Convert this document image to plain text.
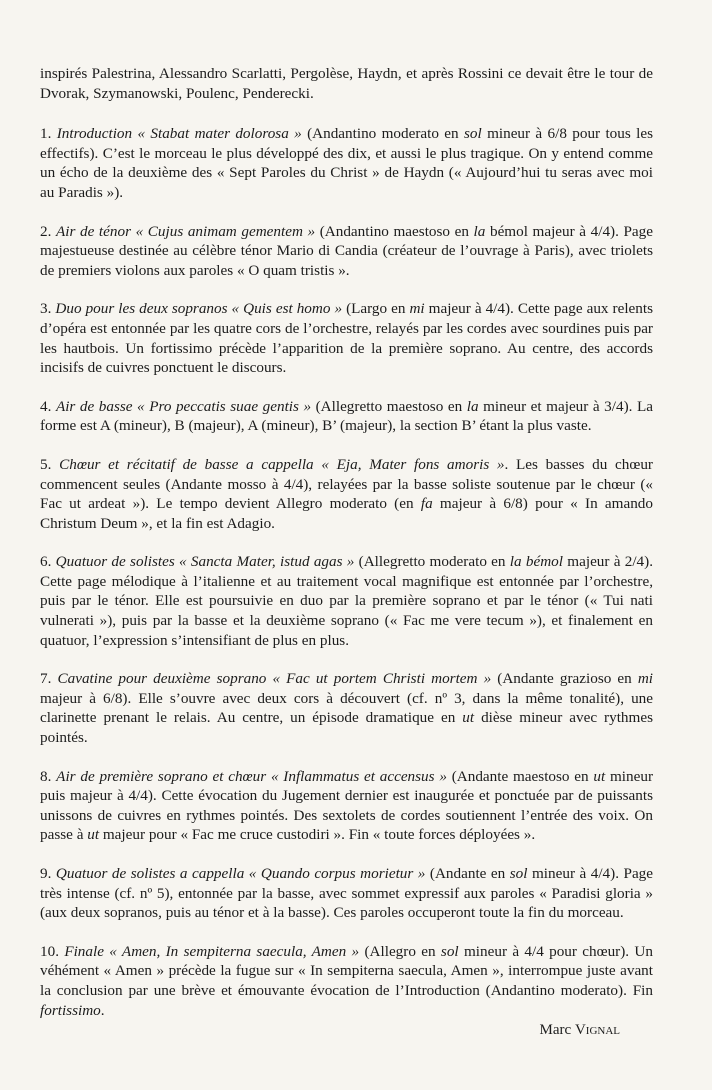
inspirés Palestrina, Alessandro Scarlatti, Pergolèse, Haydn, et après Rossini ce devait être le tour de Dvorak, Szymanowski, Poulenc, Penderecki.

1. Introduction « Stabat mater dolorosa » (Andantino moderato en sol mineur à 6/8 pour tous les effectifs). C’est le morceau le plus développé des dix, et aussi le plus tragique. On y entend comme un écho de la deuxième des « Sept Paroles du Christ » de Haydn (« Aujourd’hui tu seras avec moi au Paradis »).

2. Air de ténor « Cujus animam gementem » (Andantino maestoso en la bémol majeur à 4/4). Page majestueuse destinée au célèbre ténor Mario di Candia (créateur de l’ouvrage à Paris), avec triolets de premiers violons aux paroles « O quam tristis ».

3. Duo pour les deux sopranos « Quis est homo » (Largo en mi majeur à 4/4). Cette page aux relents d’opéra est entonnée par les quatre cors de l’orchestre, relayés par les cordes avec sourdines puis par les hautbois. Un fortissimo précède l’apparition de la première soprano. Au centre, des accords incisifs de cuivres ponctuent le discours.

4. Air de basse « Pro peccatis suae gentis » (Allegretto maestoso en la mineur et majeur à 3/4). La forme est A (mineur), B (majeur), A (mineur), B’ (majeur), la section B’ étant la plus vaste.

5. Chœur et récitatif de basse a cappella « Eja, Mater fons amoris ». Les basses du chœur commencent seules (Andante mosso à 4/4), relayées par la basse soliste soutenue par le chœur (« Fac ut ardeat »). Le tempo devient Allegro moderato (en fa majeur à 6/8) pour « In amando Christum Deum », et la fin est Adagio.

6. Quatuor de solistes « Sancta Mater, istud agas » (Allegretto moderato en la bémol majeur à 2/4). Cette page mélodique à l’italienne et au traitement vocal magnifique est entonnée par l’orchestre, puis par le ténor. Elle est poursuivie en duo par la première soprano et par le ténor (« Tui nati vulnerati »), puis par la basse et la deuxième soprano (« Fac me vere tecum »), et finalement en quatuor, l’expression s’intensifiant de plus en plus.

7. Cavatine pour deuxième soprano « Fac ut portem Christi mortem » (Andante grazioso en mi majeur à 6/8). Elle s’ouvre avec deux cors à découvert (cf. nº 3, dans la même tonalité), une clarinette prenant le relais. Au centre, un épisode dramatique en ut dièse mineur avec rythmes pointés.

8. Air de première soprano et chœur « Inflammatus et accensus » (Andante maestoso en ut mineur puis majeur à 4/4). Cette évocation du Jugement dernier est inaugurée et ponctuée par de puissants unissons de cuivres en rythmes pointés. Des sextolets de cordes soutiennent l’entrée des voix. On passe à ut majeur pour « Fac me cruce custodiri ». Fin « toute forces déployées ».

9. Quatuor de solistes a cappella « Quando corpus morietur » (Andante en sol mineur à 4/4). Page très intense (cf. nº 5), entonnée par la basse, avec sommet expressif aux paroles « Paradisi gloria » (aux deux sopranos, puis au ténor et à la basse). Ces paroles occuperont toute la fin du morceau.

10. Finale « Amen, In sempiterna saecula, Amen » (Allegro en sol mineur à 4/4 pour chœur). Un véhément « Amen » précède la fugue sur « In sempiterna saecula, Amen », interrompue juste avant la conclusion par une brève et émouvante évocation de l’Introduction (Andantino moderato). Fin fortissimo.

Marc Vignal
